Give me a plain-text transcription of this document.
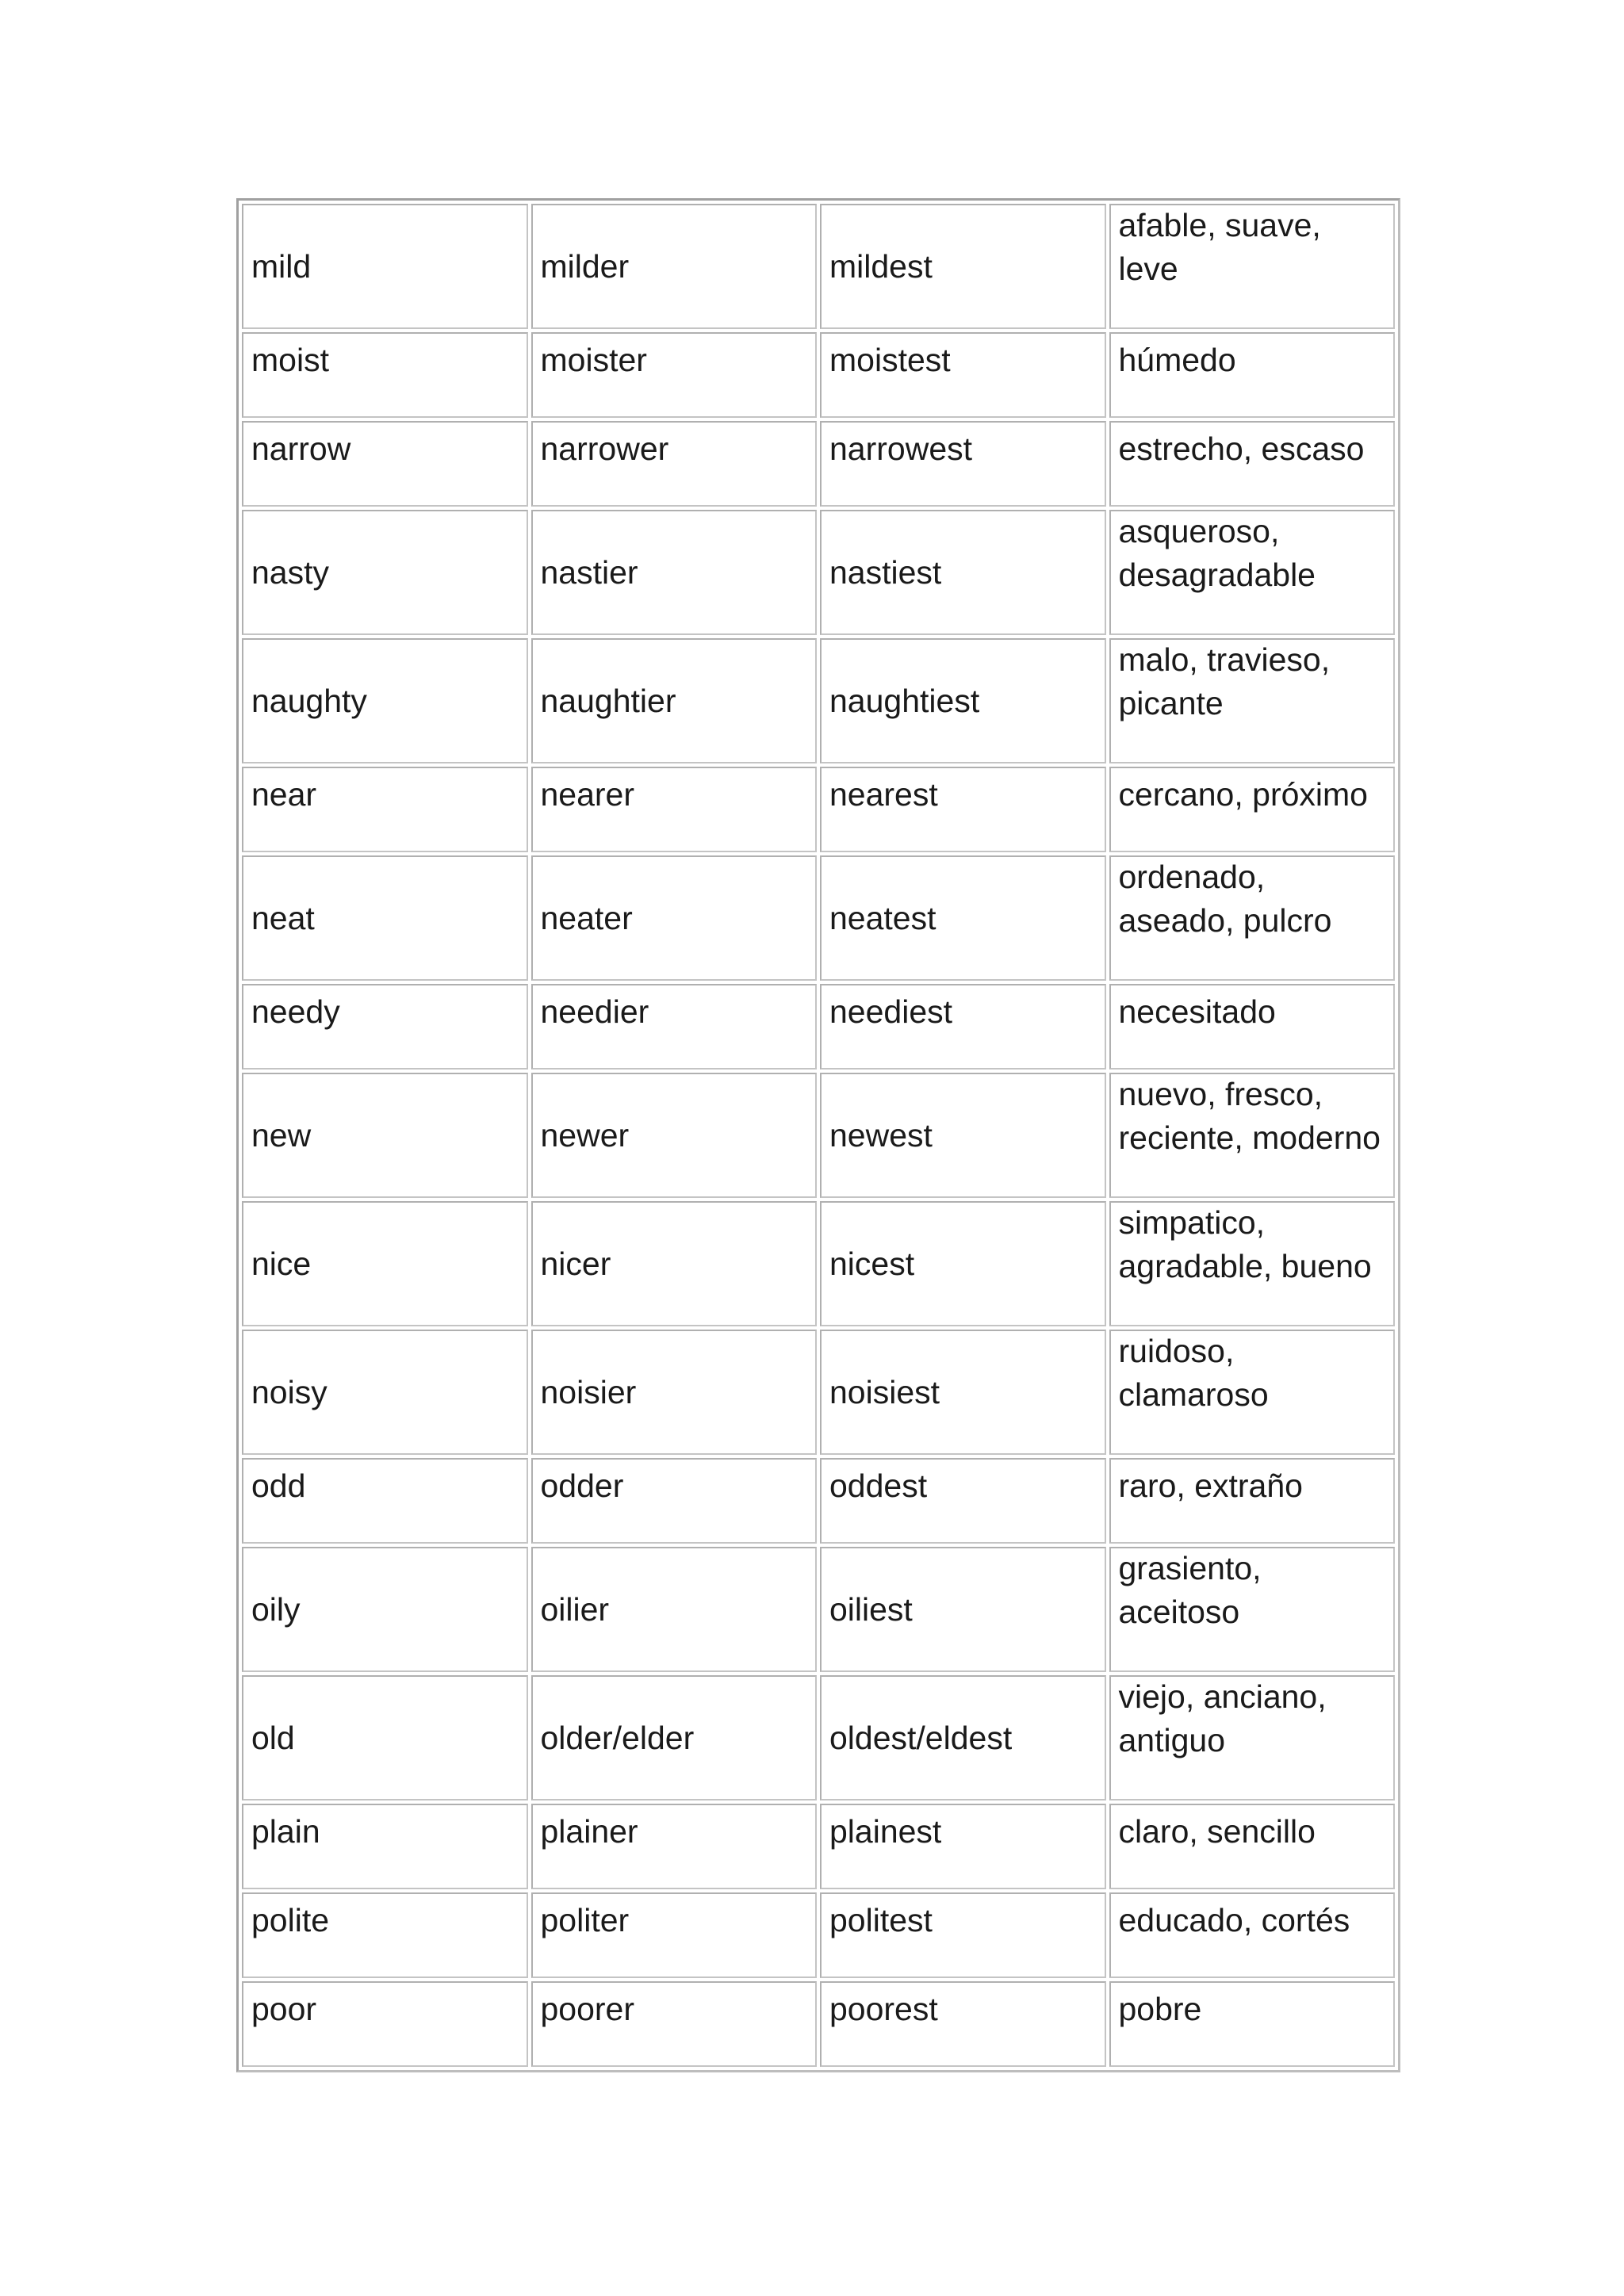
mild	milder	mildest	afable, suave, leve

moist	moister	moistest	húmedo
narrow	narrower	narrowest	estrecho, escaso
nasty	nastier	nastiest	asqueroso, desagradable

naughty	naughtier	naughtiest	malo, travieso, picante

near	nearer	nearest	cercano, próximo
neat	neater	neatest	ordenado, aseado, pulcro

needy	needier	neediest	necesitado
new	newer	newest	nuevo, fresco, reciente, moderno

nice	nicer	nicest	simpatico, agradable, bueno

noisy	noisier	noisiest	ruidoso, clamaroso

odd	odder	oddest	raro, extraño
oily	oilier	oiliest	grasiento, aceitoso

old	older/elder	oldest/eldest	viejo, anciano, antiguo

plain	plainer	plainest	claro, sencillo
polite	politer	politest	educado, cortés
poor	poorer	poorest	pobre
